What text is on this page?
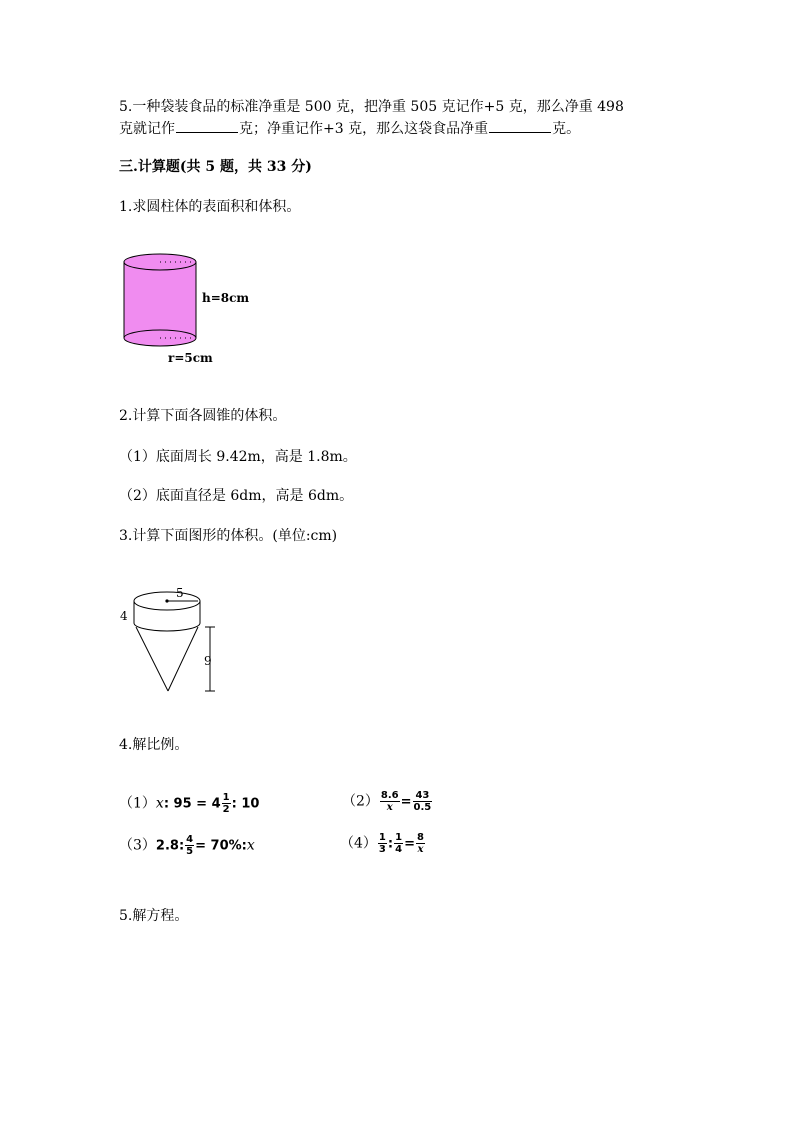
5.一种袋装食品的标准净重是 500 克，把净重 505 克记作+5 克，那么净重 498
克就记作	克；净重记作+3 克，那么这袋食品净重	克。
三.计算题(共 5 题，共 33 分)
1.求圆柱体的表面积和体积。
h=8cm
r=5cm
2.计算下面各圆锥的体积。
（1）底面周长 9.42m，高是 1.8m。
（2）底面直径是 6dm，高是 6dm。
3.计算下面图形的体积。(单位:cm)
5
4
9
4.解比例。
（1）x: $95 = 4 \frac{1}{2}$ : 10	$(2) \frac{8.6}{x} = \frac{43}{0.5}$
（3）2.8: $\frac{4}{5}$ = 70%:x	$(4) \frac{1}{3}$ : $\frac{1}{4} = \frac{8}{x}$
5.解方程。
